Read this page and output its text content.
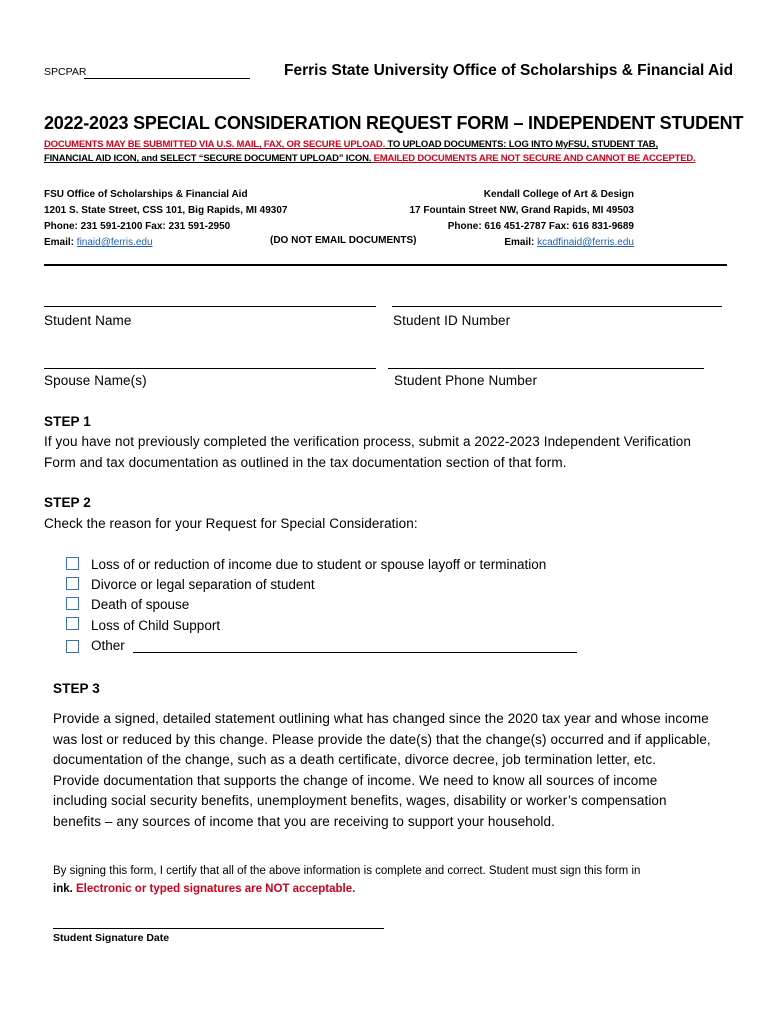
SPCPAR	Ferris State University Office of Scholarships & Financial Aid
2022-2023 SPECIAL CONSIDERATION REQUEST FORM – INDEPENDENT STUDENT
DOCUMENTS MAY BE SUBMITTED VIA U.S. MAIL, FAX, OR SECURE UPLOAD. TO UPLOAD DOCUMENTS: LOG INTO MyFSU, STUDENT TAB,
FINANCIAL AID ICON, and SELECT “SECURE DOCUMENT UPLOAD” ICON. EMAILED DOCUMENTS ARE NOT SECURE AND CANNOT BE ACCEPTED.
FSU Office of Scholarships & Financial Aid
1201 S. State Street, CSS 101, Big Rapids, MI 49307
Phone: 231 591-2100 Fax: 231 591-2950
Email: finaid@ferris.edu	(DO NOT EMAIL DOCUMENTS)
Kendall College of Art & Design
17 Fountain Street NW, Grand Rapids, MI 49503
Phone: 616 451-2787 Fax: 616 831-9689
Email: kcadfinaid@ferris.edu
Student Name	Student ID Number
Spouse Name(s)	Student Phone Number
STEP 1
If you have not previously completed the verification process, submit a 2022-2023 Independent Verification
Form and tax documentation as outlined in the tax documentation section of that form.
STEP 2
Check the reason for your Request for Special Consideration:
Loss of or reduction of income due to student or spouse layoff or termination
Divorce or legal separation of student
Death of spouse
Loss of Child Support
Other
STEP 3
Provide a signed, detailed statement outlining what has changed since the 2020 tax year and whose income
was lost or reduced by this change. Please provide the date(s) that the change(s) occurred and if applicable,
documentation of the change, such as a death certificate, divorce decree, job termination letter, etc.
Provide documentation that supports the change of income. We need to know all sources of income
including social security benefits, unemployment benefits, wages, disability or worker’s compensation
benefits – any sources of income that you are receiving to support your household.
By signing this form, I certify that all of the above information is complete and correct. Student must sign this form in
ink. Electronic or typed signatures are NOT acceptable.
Student Signature Date
